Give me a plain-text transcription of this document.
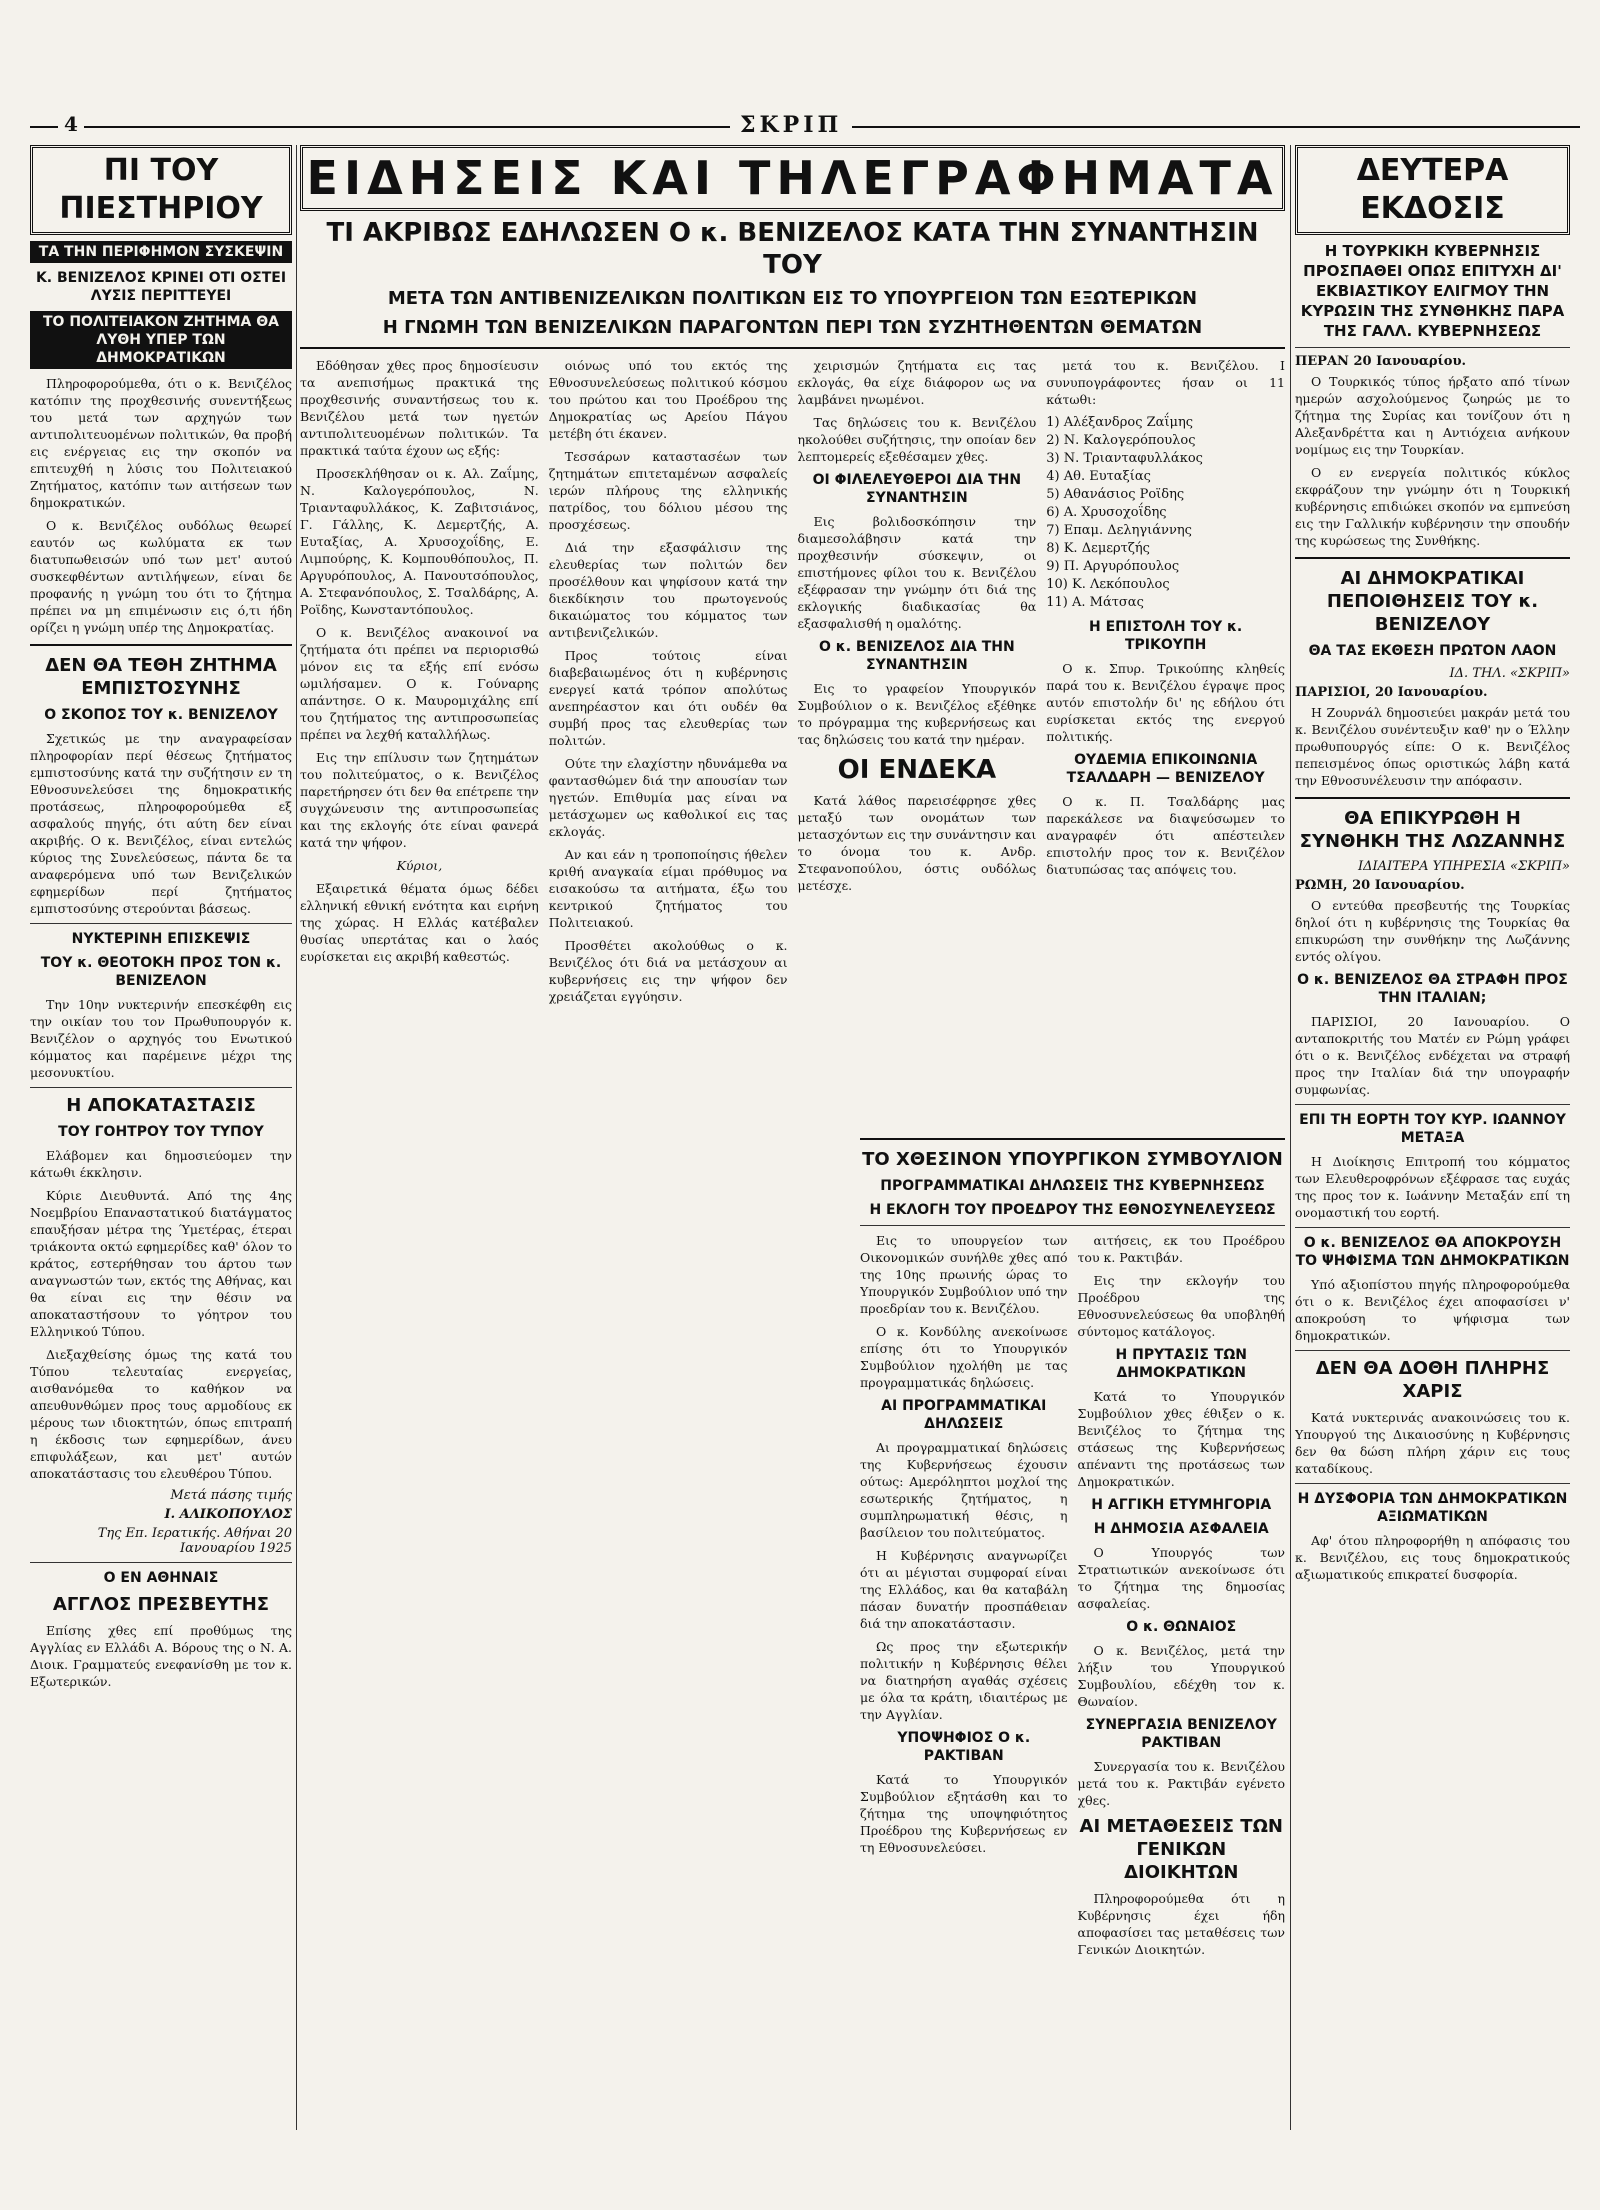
4	ΣΚΡΙΠ
ΠΙ ΤΟΥ ΠΙΕΣΤΗΡΙΟΥ
ΤΑ ΤΗΝ ΠΕΡΙΦΗΜΟΝ ΣΥΣΚΕΨΙΝ
Κ. ΒΕΝΙΖΕΛΟΣ ΚΡΙΝΕΙ ΟΤΙ ΟΣΤΕΙ ΛΥΣΙΣ ΠΕΡΙΤΤΕΥΕΙ
ΤΟ ΠΟΛΙΤΕΙΑΚΟΝ ΖΗΤΗΜΑ ΘΑ ΛΥΘΗ ΥΠΕΡ ΤΩΝ ΔΗΜΟΚΡΑΤΙΚΩΝ

Πληροφορούμεθα, ότι ο κ. Βενιζέλος κατόπιν της προχθεσινής συνεντήξεως του μετά των αρχηγών των αντιπολιτευομένων πολιτικών, θα προβή εις ενέργειας εις την σκοπόν να επιτευχθή η λύσις του Πολιτειακού Ζητήματος, κατόπιν των αιτήσεων των δημοκρατικών.

Ο κ. Βενιζέλος ουδόλως θεωρεί εαυτόν ως κωλύματα εκ των διατυπωθεισών υπό των μετ' αυτού συσκεφθέντων αντιλήψεων, είναι δε προφανής η γνώμη του ότι το ζήτημα πρέπει να μη επιμένωσιν εις ό,τι ήδη ορίζει η γνώμη υπέρ της Δημοκρατίας.

ΔΕΝ ΘΑ ΤΕΘΗ ΖΗΤΗΜΑ ΕΜΠΙΣΤΟΣΥΝΗΣ
Ο ΣΚΟΠΟΣ ΤΟΥ κ. ΒΕΝΙΖΕΛΟΥ

Σχετικώς με την αναγραφείσαν πληροφορίαν περί θέσεως ζητήματος εμπιστοσύνης κατά την συζήτησιν εν τη Εθνοσυνελεύσει της δημοκρατικής προτάσεως, πληροφορούμεθα εξ ασφαλούς πηγής, ότι αύτη δεν είναι ακριβής. Ο κ. Βενιζέλος, είναι εντελώς κύριος της Συνελεύσεως, πάντα δε τα αναφερόμενα υπό των Βενιζελικών εφημερίδων περί ζητήματος εμπιστοσύνης στερούνται βάσεως.

ΝΥΚΤΕΡΙΝΗ ΕΠΙΣΚΕΨΙΣ
ΤΟΥ κ. ΘΕΟΤΟΚΗ ΠΡΟΣ ΤΟΝ κ. ΒΕΝΙΖΕΛΟΝ

Την 10ην νυκτερινήν επεσκέφθη εις την οικίαν του τον Πρωθυπουργόν κ. Βενιζέλον ο αρχηγός του Ενωτικού κόμματος και παρέμεινε μέχρι της μεσονυκτίου.

Η ΑΠΟΚΑΤΑΣΤΑΣΙΣ
ΤΟΥ ΓΟΗΤΡΟΥ ΤΟΥ ΤΥΠΟΥ

Ελάβομεν και δημοσιεύομεν την κάτωθι έκκλησιν.

Κύριε Διευθυντά. Από της 4ης Νοεμβρίου Επαναστατικού διατάγματος επαυξήσαν μέτρα της Ύμετέρας, έτεραι τριάκοντα οκτώ εφημερίδες καθ' όλον το κράτος, εστερήθησαν του άρτου των αναγνωστών των, εκτός της Αθήνας, και θα είναι εις την θέσιν να αποκαταστήσουν το γόητρον του Ελληνικού Τύπου.

Διεξαχθείσης όμως της κατά του Τύπου τελευταίας ενεργείας, αισθανόμεθα το καθήκον να απευθυνθώμεν προς τους αρμοδίους εκ μέρους των ιδιοκτητών, όπως επιτραπή η έκδοσις των εφημερίδων, άνευ επιφυλάξεων, και μετ' αυτών αποκατάστασις του ελευθέρου Τύπου.

Μετά πάσης τιμής
Ι. ΑΛΙΚΟΠΟΥΛΟΣ
Της Επ. Ιερατικής. Αθήναι 20 Ιανουαρίου 1925
Ο ΕΝ ΑΘΗΝΑΙΣ
ΑΓΓΛΟΣ ΠΡΕΣΒΕΥΤΗΣ

Επίσης χθες επί προθύμως της Αγγλίας εν Ελλάδι Α. Βόρους της ο Ν. Α. Διοικ. Γραμματεύς ενεφανίσθη με τον κ. Εξωτερικών.

ΕΙΔΗΣΕΙΣ ΚΑΙ ΤΗΛΕΓΡΑΦΗΜΑΤΑ
ΤΙ ΑΚΡΙΒΩΣ ΕΔΗΛΩΣΕΝ Ο κ. ΒΕΝΙΖΕΛΟΣ ΚΑΤΑ ΤΗΝ ΣΥΝΑΝΤΗΣΙΝ ΤΟΥ
ΜΕΤΑ ΤΩΝ ΑΝΤΙΒΕΝΙΖΕΛΙΚΩΝ ΠΟΛΙΤΙΚΩΝ ΕΙΣ ΤΟ ΥΠΟΥΡΓΕΙΟΝ ΤΩΝ ΕΞΩΤΕΡΙΚΩΝ
Η ΓΝΩΜΗ ΤΩΝ ΒΕΝΙΖΕΛΙΚΩΝ ΠΑΡΑΓΟΝΤΩΝ ΠΕΡΙ ΤΩΝ ΣΥΖΗΤΗΘΕΝΤΩΝ ΘΕΜΑΤΩΝ

Εδόθησαν χθες προς δημοσίευσιν τα ανεπισήμως πρακτικά της προχθεσινής συναντήσεως του κ. Βενιζέλου μετά των ηγετών αντιπολιτευομένων πολιτικών. Τα πρακτικά ταύτα έχουν ως εξής:

Προσεκλήθησαν οι κ. Αλ. Ζαΐμης, Ν. Καλογερόπουλος, Ν. Τριανταφυλλάκος, Κ. Ζαβιτσιάνος, Γ. Γάλλης, Κ. Δεμερτζής, Α. Ευταξίας, Α. Χρυσοχοΐδης, Ε. Λιμπούρης, Κ. Κομπουθόπουλος, Π. Αργυρόπουλος, Α. Πανουτσόπουλος, Α. Στεφανόπουλος, Σ. Τσαλδάρης, Α. Ροϊδης, Κωνσταντόπουλος.

Ο κ. Βενιζέλος ανακοινοί να ζητήματα ότι πρέπει να περιορισθώ μόνον εις τα εξής επί ενόσω ωμιλήσαμεν. Ο κ. Γούναρης απάντησε. Ο κ. Μαυρομιχάλης επί του ζητήματος της αντιπροσωπείας πρέπει να λεχθή καταλλήλως.

Εις την επίλυσιν των ζητημάτων του πολιτεύματος, ο κ. Βενιζέλος παρετήρησεν ότι δεν θα επέτρεπε την συγχώνευσιν της αντιπροσωπείας και της εκλογής ότε είναι φανερά κατά την ψήφον.

Κύριοι,

Εξαιρετικά θέματα όμως δέδει ελληνική εθνική ενότητα και ειρήνη της χώρας. Η Ελλάς κατέβαλεν θυσίας υπερτάτας και ο λαός ευρίσκεται εις ακριβή καθεστώς.

οιόνως υπό του εκτός της Εθνοσυνελεύσεως πολιτικού κόσμου του πρώτου και του Προέδρου της Δημοκρατίας ως Αρείου Πάγου μετέβη ότι έκανεν.

Τεσσάρων καταστασέων των ζητημάτων επιτεταμένων ασφαλείς ιερών πλήρους της ελληνικής πατρίδος, του δόλιου μέσου της προσχέσεως.

Διά την εξασφάλισιν της ελευθερίας των πολιτών δεν προσέλθουν και ψηφίσουν κατά την διεκδίκησιν του πρωτογενούς δικαιώματος του κόμματος των αντιβενιζελικών.

Προς τούτοις είναι διαβεβαιωμένος ότι η κυβέρνησις ενεργεί κατά τρόπον απολύτως ανεπηρέαστον και ότι ουδέν θα συμβή προς τας ελευθερίας των πολιτών.

Ούτε την ελαχίστην ηδυνάμεθα να φαντασθώμεν διά την απουσίαν των ηγετών. Επιθυμία μας είναι να μετάσχωμεν ως καθολικοί εις τας εκλογάς.

Αν και εάν η τροποποίησις ήθελεν κριθή αναγκαία είμαι πρόθυμος να εισακούσω τα αιτήματα, έξω του κεντρικού ζητήματος του Πολιτειακού.

Προσθέτει ακολούθως ο κ. Βενιζέλος ότι διά να μετάσχουν αι κυβερνήσεις εις την ψήφον δεν χρειάζεται εγγύησιν.

χειρισμών ζητήματα εις τας εκλογάς, θα είχε διάφορον ως να λαμβάνει ηνωμένοι.

Τας δηλώσεις του κ. Βενιζέλου ηκολούθει συζήτησις, την οποίαν δεν λεπτομερείς εξεθέσαμεν χθες.

ΟΙ ΦΙΛΕΛΕΥΘΕΡΟΙ ΔΙΑ ΤΗΝ ΣΥΝΑΝΤΗΣΙΝ

Εις βολιδοσκόπησιν την διαμεσολάβησιν κατά την προχθεσινήν σύσκεψιν, οι επιστήμονες φίλοι του κ. Βενιζέλου εξέφρασαν την γνώμην ότι διά της εκλογικής διαδικασίας θα εξασφαλισθή η ομαλότης.

Ο κ. ΒΕΝΙΖΕΛΟΣ ΔΙΑ ΤΗΝ ΣΥΝΑΝΤΗΣΙΝ

Εις το γραφείον Υπουργικόν Συμβούλιον ο κ. Βενιζέλος εξέθηκε το πρόγραμμα της κυβερνήσεως και τας δηλώσεις του κατά την ημέραν.

ΟΙ ΕΝΔΕΚΑ

Κατά λάθος παρεισέφρησε χθες μεταξύ των ονομάτων των μετασχόντων εις την συνάντησιν και το όνομα του κ. Ανδρ. Στεφανοπούλου, όστις ουδόλως μετέσχε.

μετά του κ. Βενιζέλου. Ι συνυπογράφοντες ήσαν οι 11 κάτωθι:

1) Αλέξανδρος Ζαΐμης
2) Ν. Καλογερόπουλος
3) Ν. Τριανταφυλλάκος
4) Αθ. Ευταξίας
5) Αθανάσιος Ροϊδης
6) Α. Χρυσοχοΐδης
7) Επαμ. Δεληγιάννης
8) Κ. Δεμερτζής
9) Π. Αργυρόπουλος
10) Κ. Λεκόπουλος
11) Α. Μάτσας
Η ΕΠΙΣΤΟΛΗ ΤΟΥ κ. ΤΡΙΚΟΥΠΗ

Ο κ. Σπυρ. Τρικούπης κληθείς παρά του κ. Βενιζέλου έγραψε προς αυτόν επιστολήν δι' ης εδήλου ότι ευρίσκεται εκτός της ενεργού πολιτικής.

ΟΥΔΕΜΙΑ ΕΠΙΚΟΙΝΩΝΙΑ ΤΣΑΛΔΑΡΗ — ΒΕΝΙΖΕΛΟΥ

Ο κ. Π. Τσαλδάρης μας παρεκάλεσε να διαψεύσωμεν το αναγραφέν ότι απέστειλεν επιστολήν προς τον κ. Βενιζέλον διατυπώσας τας απόψεις του.

ΤΟ ΧΘΕΣΙΝΟΝ ΥΠΟΥΡΓΙΚΟΝ ΣΥΜΒΟΥΛΙΟΝ
ΠΡΟΓΡΑΜΜΑΤΙΚΑΙ ΔΗΛΩΣΕΙΣ ΤΗΣ ΚΥΒΕΡΝΗΣΕΩΣ
Η ΕΚΛΟΓΗ ΤΟΥ ΠΡΟΕΔΡΟΥ ΤΗΣ ΕΘΝΟΣΥΝΕΛΕΥΣΕΩΣ

Εις το υπουργείον των Οικονομικών συνήλθε χθες από της 10ης πρωινής ώρας το Υπουργικόν Συμβούλιον υπό την προεδρίαν του κ. Βενιζέλου.

Ο κ. Κονδύλης ανεκοίνωσε επίσης ότι το Υπουργικόν Συμβούλιον ηχολήθη με τας προγραμματικάς δηλώσεις.

ΑΙ ΠΡΟΓΡΑΜΜΑΤΙΚΑΙ ΔΗΛΩΣΕΙΣ

Αι προγραμματικαί δηλώσεις της Κυβερνήσεως έχουσιν ούτως: Αμερόληπτοι μοχλοί της εσωτερικής ζητήματος, η συμπληρωματική θέσις, η βασίλειον του πολιτεύματος.

Η Κυβέρνησις αναγνωρίζει ότι αι μέγισται συμφοραί είναι της Ελλάδος, και θα καταβάλη πάσαν δυνατήν προσπάθειαν διά την αποκατάστασιν.

Ως προς την εξωτερικήν πολιτικήν η Κυβέρνησις θέλει να διατηρήση αγαθάς σχέσεις με όλα τα κράτη, ιδιαιτέρως με την Αγγλίαν.

ΥΠΟΨΗΦΙΟΣ Ο κ. ΡΑΚΤΙΒΑΝ

Κατά το Υπουργικόν Συμβούλιον εξητάσθη και το ζήτημα της υποψηφιότητος Προέδρου της Κυβερνήσεως εν τη Εθνοσυνελεύσει.

αιτήσεις, εκ του Προέδρου του κ. Ρακτιβάν.

Εις την εκλογήν του Προέδρου της Εθνοσυνελεύσεως θα υποβληθή σύντομος κατάλογος.

Η ΠΡΥΤΑΣΙΣ ΤΩΝ ΔΗΜΟΚΡΑΤΙΚΩΝ

Κατά το Υπουργικόν Συμβούλιον χθες έθιξεν ο κ. Βενιζέλος το ζήτημα της στάσεως της Κυβερνήσεως απέναντι της προτάσεως των Δημοκρατικών.

Η ΑΓΓΙΚΗ ΕΤΥΜΗΓΟΡΙΑ
Η ΔΗΜΟΣΙΑ ΑΣΦΑΛΕΙΑ

Ο Υπουργός των Στρατιωτικών ανεκοίνωσε ότι το ζήτημα της δημοσίας ασφαλείας.

Ο κ. ΘΩΝΑΙΟΣ

Ο κ. Βενιζέλος, μετά την λήξιν του Υπουργικού Συμβουλίου, εδέχθη τον κ. Θωναίον.

ΣΥΝΕΡΓΑΣΙΑ ΒΕΝΙΖΕΛΟΥ ΡΑΚΤΙΒΑΝ

Συνεργασία του κ. Βενιζέλου μετά του κ. Ρακτιβάν εγένετο χθες.

ΑΙ ΜΕΤΑΘΕΣΕΙΣ ΤΩΝ ΓΕΝΙΚΩΝ ΔΙΟΙΚΗΤΩΝ

Πληροφορούμεθα ότι η Κυβέρνησις έχει ήδη αποφασίσει τας μεταθέσεις των Γενικών Διοικητών.

ΔΕΥΤΕΡΑ ΕΚΔΟΣΙΣ
Η ΤΟΥΡΚΙΚΗ ΚΥΒΕΡΝΗΣΙΣ ΠΡΟΣΠΑΘΕΙ ΟΠΩΣ ΕΠΙΤΥΧΗ ΔΙ' ΕΚΒΙΑΣΤΙΚΟΥ ΕΛΙΓΜΟΥ ΤΗΝ ΚΥΡΩΣΙΝ ΤΗΣ ΣΥΝΘΗΚΗΣ ΠΑΡΑ ΤΗΣ ΓΑΛΛ. ΚΥΒΕΡΝΗΣΕΩΣ
ΠΕΡΑΝ 20 Ιανουαρίου.

Ο Τουρκικός τύπος ήρξατο από τίνων ημερών ασχολούμενος ζωηρώς με το ζήτημα της Συρίας και τονίζουν ότι η Αλεξανδρέττα και η Αντιόχεια ανήκουν νομίμως εις την Τουρκίαν.

Ο εν ενεργεία πολιτικός κύκλος εκφράζουν την γνώμην ότι η Τουρκική κυβέρνησις επιδιώκει σκοπόν να εμπνεύση εις την Γαλλικήν κυβέρνησιν την σπουδήν της κυρώσεως της Συνθήκης.

ΑΙ ΔΗΜΟΚΡΑΤΙΚΑΙ ΠΕΠΟΙΘΗΣΕΙΣ ΤΟΥ κ. ΒΕΝΙΖΕΛΟΥ
ΘΑ ΤΑΣ ΕΚΘΕΣΗ ΠΡΩΤΟΝ ΛΑΟΝ
ΙΔ. ΤΗΛ. «ΣΚΡΙΠ»
ΠΑΡΙΣΙΟΙ, 20 Ιανουαρίου.

Η Ζουρνάλ δημοσιεύει μακράν μετά του κ. Βενιζέλου συνέντευξιν καθ' ην ο Έλλην πρωθυπουργός είπε: Ο κ. Βενιζέλος πεπεισμένος όπως οριστικώς λάβη κατά την Εθνοσυνέλευσιν την απόφασιν.

ΘΑ ΕΠΙΚΥΡΩΘΗ Η ΣΥΝΘΗΚΗ ΤΗΣ ΛΩΖΑΝΝΗΣ
ΙΔΙΑΙΤΕΡΑ ΥΠΗΡΕΣΙΑ «ΣΚΡΙΠ»
ΡΩΜΗ, 20 Ιανουαρίου.

Ο εντεύθα πρεσβευτής της Τουρκίας δηλοί ότι η κυβέρνησις της Τουρκίας θα επικυρώση την συνθήκην της Λωζάννης εντός ολίγου.

Ο κ. ΒΕΝΙΖΕΛΟΣ ΘΑ ΣΤΡΑΦΗ ΠΡΟΣ ΤΗΝ ΙΤΑΛΙΑΝ;

ΠΑΡΙΣΙΟΙ, 20 Ιανουαρίου. Ο ανταποκριτής του Ματέν εν Ρώμη γράφει ότι ο κ. Βενιζέλος ενδέχεται να στραφή προς την Ιταλίαν διά την υπογραφήν συμφωνίας.

ΕΠΙ ΤΗ ΕΟΡΤΗ ΤΟΥ ΚΥΡ. ΙΩΑΝΝΟΥ ΜΕΤΑΞΑ

Η Διοίκησις Επιτροπή του κόμματος των Ελευθεροφρόνων εξέφρασε τας ευχάς της προς τον κ. Ιωάννην Μεταξάν επί τη ονομαστική του εορτή.

Ο κ. ΒΕΝΙΖΕΛΟΣ ΘΑ ΑΠΟΚΡΟΥΣΗ ΤΟ ΨΗΦΙΣΜΑ ΤΩΝ ΔΗΜΟΚΡΑΤΙΚΩΝ

Υπό αξιοπίστου πηγής πληροφορούμεθα ότι ο κ. Βενιζέλος έχει αποφασίσει ν' αποκρούση το ψήφισμα των δημοκρατικών.

ΔΕΝ ΘΑ ΔΟΘΗ ΠΛΗΡΗΣ ΧΑΡΙΣ

Κατά νυκτερινάς ανακοινώσεις του κ. Υπουργού της Δικαιοσύνης η Κυβέρνησις δεν θα δώση πλήρη χάριν εις τους καταδίκους.

Η ΔΥΣΦΟΡΙΑ ΤΩΝ ΔΗΜΟΚΡΑΤΙΚΩΝ ΑΞΙΩΜΑΤΙΚΩΝ

Αφ' ότου πληροφορήθη η απόφασις του κ. Βενιζέλου, εις τους δημοκρατικούς αξιωματικούς επικρατεί δυσφορία.
